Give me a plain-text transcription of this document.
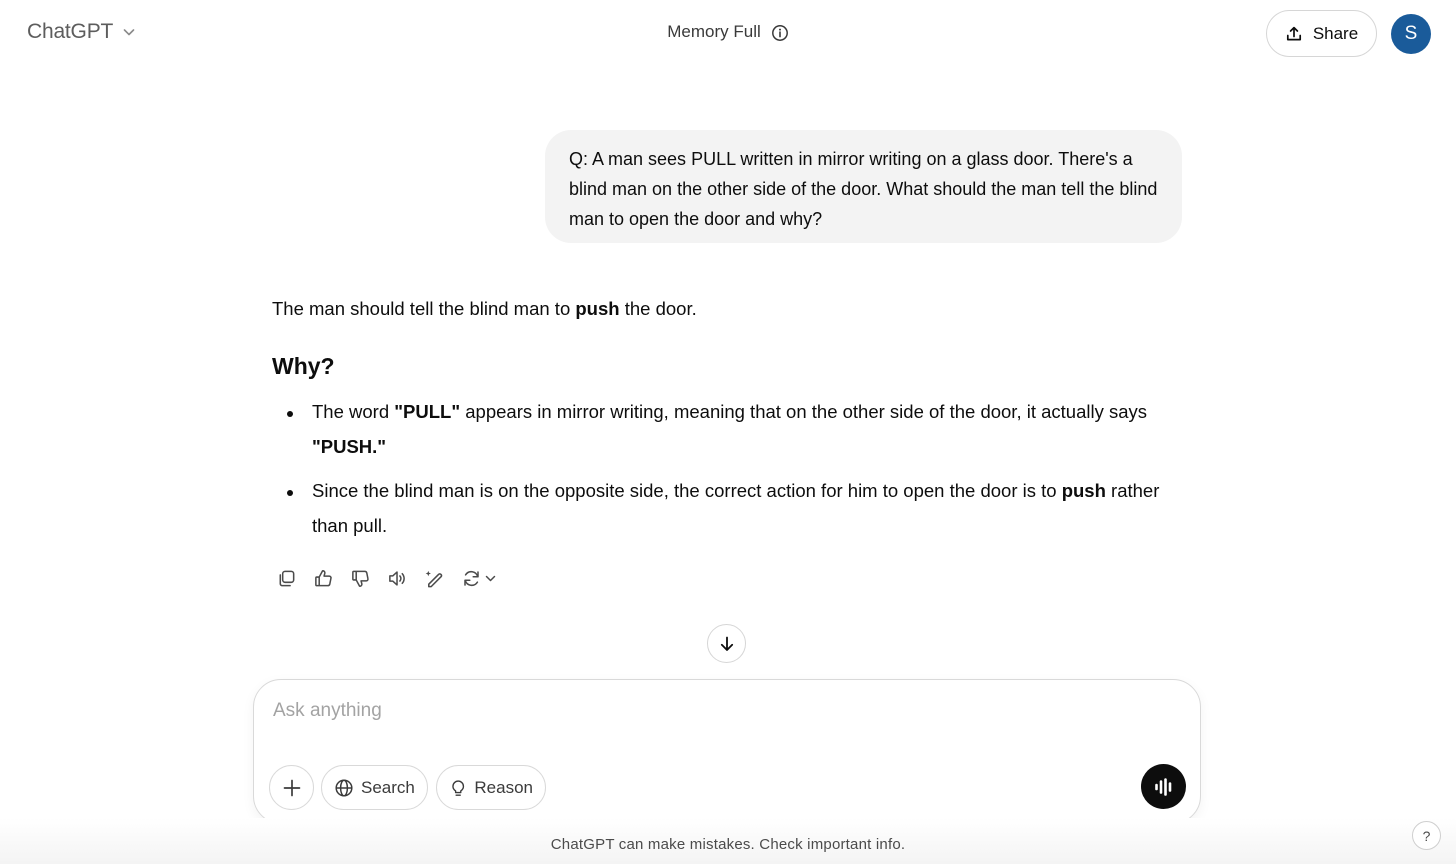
ChatGPT	Memory Full	Share	S
Q: A man sees PULL written in mirror writing on a glass door. There's a blind man on the other side of the door. What should the man tell the blind man to open the door and why?

The man should tell the blind man to push the door.

Why?
The word "PULL" appears in mirror writing, meaning that on the other side of the door, it actually says "PUSH."
Since the blind man is on the opposite side, the correct action for him to open the door is to push rather than pull.
Ask anything
Search	Reason
ChatGPT can make mistakes. Check important info.
?
